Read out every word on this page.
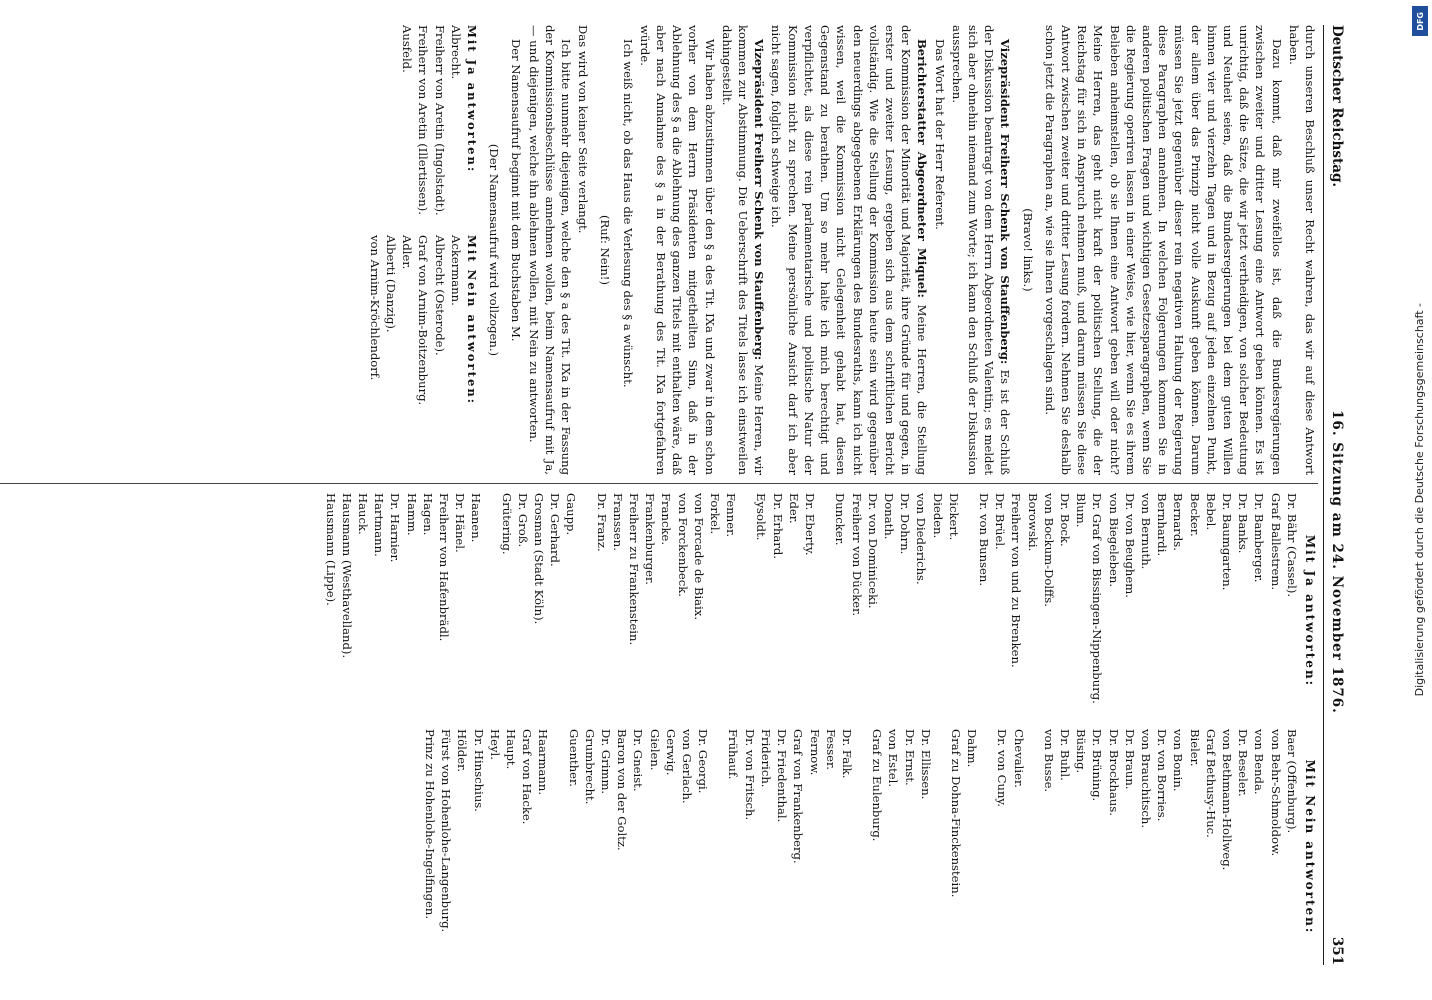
Deutscher Reichstag.
16. Sitzung am 24. November 1876.
351

durch unseren Beschluß unser Recht wahren, das wir auf diese Antwort haben.

Dazu kommt, daß mir zweifellos ist, daß die Bundesregierungen zwischen zweiter und dritter Lesung eine Antwort geben können. Es ist unrichtig, daß die Sätze, die wir jetzt vertheidigen, von solcher Bedeutung und Neuheit seien, daß die Bundesregierungen bei dem guten Willen binnen vier und vierzehn Tagen und in Bezug auf jeden einzelnen Punkt, der allem über das Prinzip nicht volle Auskunft geben können. Darum müssen Sie jetzt gegenüber dieser rein negativen Haltung der Regierung diese Paragraphen annehmen. In welchen Folgerungen kommen Sie in anderen politischen Fragen und wichtigen Gesetzesparagraphen, wenn Sie die Regierung operiren lassen in einer Weise, wie hier, wenn Sie es ihrem Belieben anheimstellen, ob sie Ihnen eine Antwort geben will oder nicht? Meine Herren, das geht nicht kraft der politischen Stellung, die der Reichstag für sich in Anspruch nehmen muß, und darum müssen Sie diese Antwort zwischen zweiter und dritter Lesung fordern. Nehmen Sie deshalb schon jetzt die Paragraphen an, wie sie Ihnen vorgeschlagen sind.

(Bravo! links.)

Vizepräsident Freiherr Schenk von Stauffenberg: Es ist der Schluß der Diskussion beantragt von dem Herrn Abgeordneten Valentin; es meldet sich aber ohnehin niemand zum Worte; ich kann den Schluß der Diskussion aussprechen.

Das Wort hat der Herr Referent.

Berichterstatter Abgeordneter Miquel: Meine Herren, die Stellung der Kommission der Minorität und Majorität, ihre Gründe für und gegen, in erster und zweiter Lesung, ergeben sich aus dem schriftlichen Bericht vollständig. Wie die Stellung der Kommission heute sein wird gegenüber den neuerdings abgegebenen Erklärungen des Bundesraths, kann ich nicht wissen, weil die Kommission nicht Gelegenheit gehabt hat, diesen Gegenstand zu berathen. Um so mehr halte ich mich berechtigt und verpflichtet, als diese rein parlamentarische und politische Natur der Kommission nicht zu sprechen. Meine persönliche Ansicht darf ich aber nicht sagen, folglich schweige ich.

Vizepräsident Freiherr Schenk von Stauffenberg: Meine Herren, wir kommen zur Abstimmung. Die Ueberschrift des Titels lasse ich einstweilen dahingestellt.

Wir haben abzustimmen über den § a des Tit. IXa und zwar in dem schon vorher von dem Herrn Präsidenten mitgetheilten Sinn, daß in der Ablehnung des § a die Ablehnung des ganzen Titels mit enthalten wäre, daß aber nach Annahme des § a in der Berathung des Tit. IXa fortgefahren würde.

Ich weiß nicht, ob das Haus die Verlesung des § a wünscht.

(Ruf: Nein!)

Das wird von keiner Seite verlangt.

Ich bitte nunmehr diejenigen, welche den § a des Tit. IXa in der Fassung der Kommissionsbeschlüsse annehmen wollen, beim Namensaufruf mit Ja, — und diejenigen, welche ihn ablehnen wollen, mit Nein zu antworten.

Der Namensaufruf beginnt mit dem Buchstaben M.

(Der Namensaufruf wird vollzogen.)
Mit Ja antworten:
Mit Nein antworten:
Albrecht.
Freiherr von Aretin (Ingolstadt).
Freiherr von Aretin (Illertissen).
Ausfeld.
Ackermann.
Albrecht (Osterode).
Graf von Arnim-Boitzenburg.
Adler.
Alberti (Danzig).
von Arnim-Kröchlendorf.
Mit Ja antworten:
Dr. Bähr (Cassel).
Graf Ballestrem.
Dr. Bamberger.
Dr. Banks.
Dr. Baumgarten.
Bebel.
Becker.
Bernards.
Bernhardi.
von Bernuth.
Dr. von Beughem.
von Biegeleben.
Dr. Graf von Bissingen-Nippenburg.
Blum.
Dr. Bock.
von Bockum-Dolffs.
Borowski.
Freiherr von und zu Brenken.
Dr. Brüel.
Dr. von Bunsen.
Dickert.
Dieden.
von Diederichs.
Dr. Dohrn.
Donath.
Dr. von Dominiceki.
Freiherr von Dücker.
Duncker.
Dr. Eberty.
Eder.
Dr. Erhard.
Eysoldt.
Fenner.
Forkel.
von Forcade de Biaix.
von Forckenbeck.
Francke.
Frankenburger.
Freiherr zu Frankenstein.
Franssen.
Dr. Franz.
Gaupp.
Dr. Gerhard.
Grosman (Stadt Köln).
Dr. Groß.
Grütering.
Haanen.
Dr. Hänel.
Freiherr von Hafenbrädl.
Hagen.
Hamm.
Dr. Harnier.
Hartmann.
Hauck.
Hausmann (Westhavelland).
Hausmann (Lippe).
Mit Nein antworten:
Baer (Offenburg).
von Behr-Schmoldow.
von Benda.
Dr. Beseler.
von Bethmann-Hollweg.
Graf Bethusy-Huc.
Bieler.
von Bonin.
Dr. von Borries.
von Brauchitsch.
Dr. Braun.
Dr. Brockhaus.
Dr. Brüning.
Büsing.
Dr. Buhl.
von Busse.
Chevalier.
Dr. von Cuny.
Dahm.
Graf zu Dohna-Finckenstein.
Dr. Ellissen.
Dr. Ernst.
von Estel.
Graf zu Eulenburg.
Dr. Falk.
Fesser.
Fernow.
Graf von Frankenberg.
Dr. Friedenthal.
Friderich.
Dr. von Fritsch.
Frühauf.
Dr. Georgi.
von Gerlach.
Gerwig.
Gielen.
Dr. Gneist.
Baron von der Goltz.
Dr. Grimm.
Grumbrecht.
Guenther.
Haarmann.
Graf von Hacke.
Haupt.
Heyl.
Dr. Hinschius.
Hölder.
Fürst von Hohenlohe-Langenburg.
Prinz zu Hohenlohe-Ingelfingen.
DFG
Digitalisierung gefördert durch die Deutsche Forschungsgemeinschaft -
